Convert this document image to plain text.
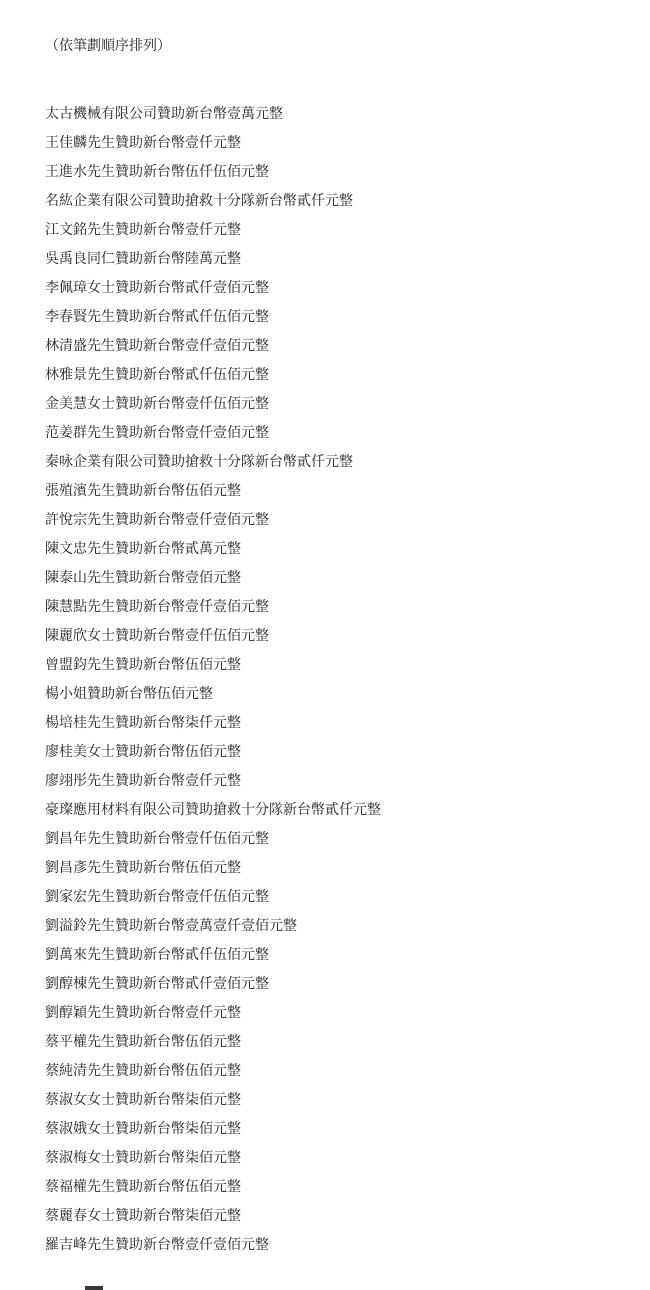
（依筆劃順序排列）

太古機械有限公司贊助新台幣壹萬元整

王佳麟先生贊助新台幣壹仟元整

王進水先生贊助新台幣伍仟伍佰元整

名紘企業有限公司贊助搶救十分隊新台幣貳仟元整

江文銘先生贊助新台幣壹仟元整

吳禹良同仁贊助新台幣陸萬元整

李佩璋女士贊助新台幣貳仟壹佰元整

李春賢先生贊助新台幣貳仟伍佰元整

林清盛先生贊助新台幣壹仟壹佰元整

林雅景先生贊助新台幣貳仟伍佰元整

金美慧女士贊助新台幣壹仟伍佰元整

范姜群先生贊助新台幣壹仟壹佰元整

秦咏企業有限公司贊助搶救十分隊新台幣貳仟元整

張殖濱先生贊助新台幣伍佰元整

許悅宗先生贊助新台幣壹仟壹佰元整

陳文忠先生贊助新台幣貳萬元整

陳泰山先生贊助新台幣壹佰元整

陳慧點先生贊助新台幣壹仟壹佰元整

陳麗欣女士贊助新台幣壹仟伍佰元整

曾盟鈞先生贊助新台幣伍佰元整

楊小姐贊助新台幣伍佰元整

楊培桂先生贊助新台幣柒仟元整

廖桂美女士贊助新台幣伍佰元整

廖翊彤先生贊助新台幣壹仟元整

豪璨應用材料有限公司贊助搶救十分隊新台幣貳仟元整

劉昌年先生贊助新台幣壹仟伍佰元整

劉昌彥先生贊助新台幣伍佰元整

劉家宏先生贊助新台幣壹仟伍佰元整

劉溢鈴先生贊助新台幣壹萬壹仟壹佰元整

劉萬來先生贊助新台幣貳仟伍佰元整

劉醇棟先生贊助新台幣貳仟壹佰元整

劉醇穎先生贊助新台幣壹仟元整

蔡平權先生贊助新台幣伍佰元整

蔡純清先生贊助新台幣伍佰元整

蔡淑女女士贊助新台幣柒佰元整

蔡淑娥女士贊助新台幣柒佰元整

蔡淑梅女士贊助新台幣柒佰元整

蔡福權先生贊助新台幣伍佰元整

蔡麗春女士贊助新台幣柒佰元整

羅吉峰先生贊助新台幣壹仟壹佰元整
